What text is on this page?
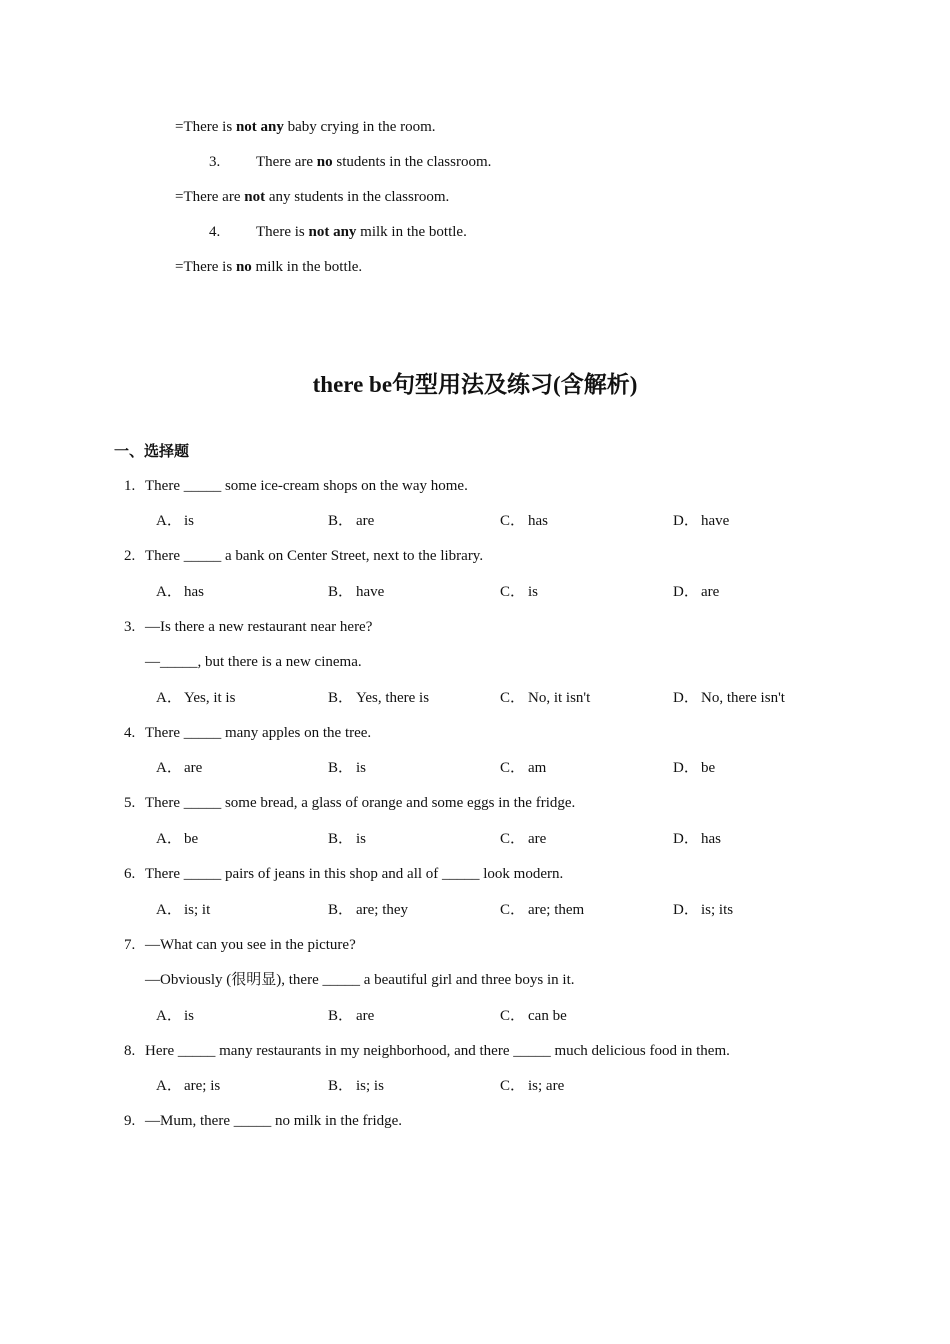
=There is not any baby crying in the room.
3. There are no students in the classroom.
=There are not any students in the classroom.
4. There is not any milk in the bottle.
=There is no milk in the bottle.
there be句型用法及练习(含解析)
一、选择题
1. There _____ some ice-cream shops on the way home.
A． is	B． are	C． has	D． have
2. There _____ a bank on Center Street, next to the library.
A． has	B． have	C． is	D． are
3. —Is there a new restaurant near here?
—_____, but there is a new cinema.
A． Yes, it is	B． Yes, there is	C． No, it isn't	D． No, there isn't
4. There _____ many apples on the tree.
A． are	B． is	C． am	D． be
5. There _____ some bread, a glass of orange and some eggs in the fridge.
A． be	B． is	C． are	D． has
6. There _____ pairs of jeans in this shop and all of _____ look modern.
A． is; it	B． are; they	C． are; them	D． is; its
7. —What can you see in the picture?
—Obviously (很明显), there _____ a beautiful girl and three boys in it.
A． is	B． are	C． can be
8. Here _____ many restaurants in my neighborhood, and there _____ much delicious food in them.
A． are; is	B． is; is	C． is; are
9. —Mum, there _____ no milk in the fridge.
